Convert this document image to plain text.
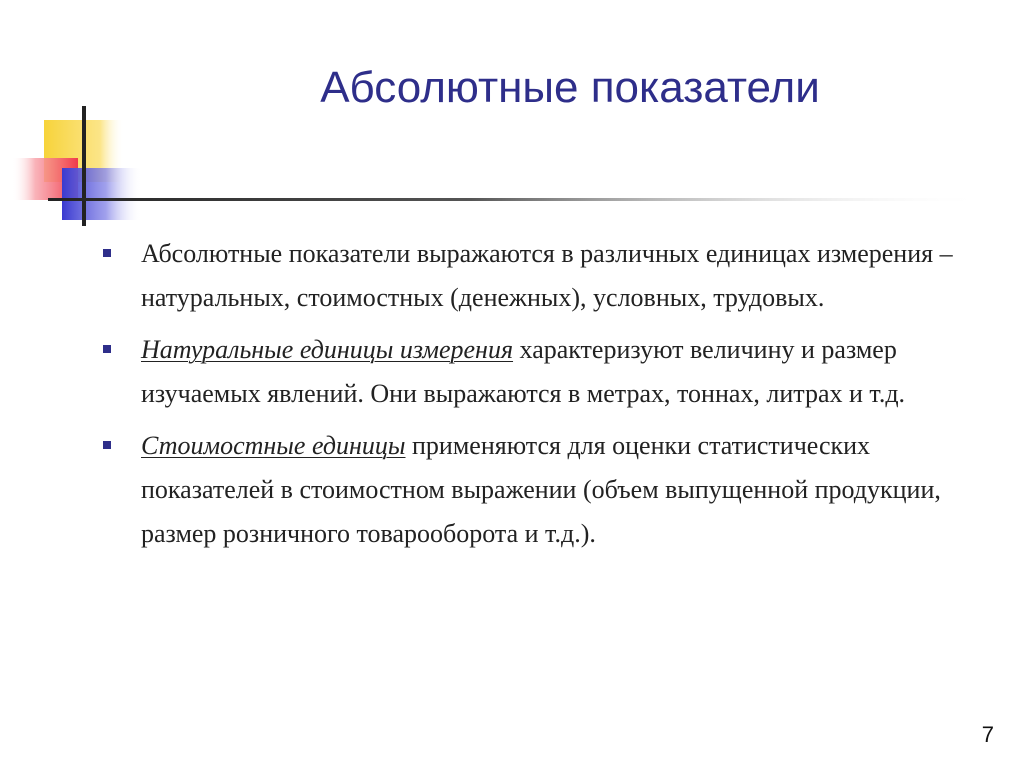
Абсолютные показатели
Абсолютные показатели выражаются в различных единицах измерения – натуральных, стоимостных (денежных), условных, трудовых.
Натуральные единицы измерения характеризуют величину и размер изучаемых явлений. Они выражаются в метрах, тоннах, литрах и т.д.
Стоимостные единицы применяются для оценки статистических показателей в стоимостном выражении (объем выпущенной продукции, размер розничного товарооборота и т.д.).
7
